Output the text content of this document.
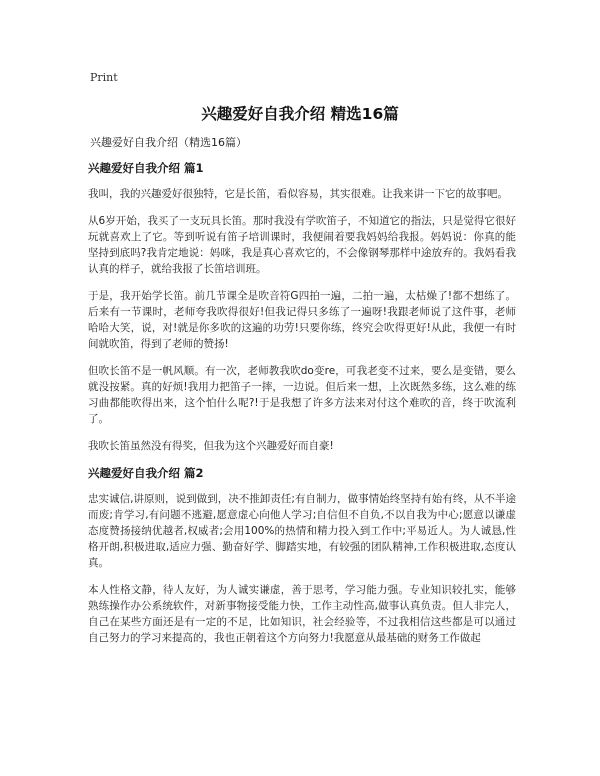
Print
兴趣爱好自我介绍 精选16篇
兴趣爱好自我介绍（精选16篇）
兴趣爱好自我介绍 篇1

我叫，我的兴趣爱好很独特，它是长笛，看似容易，其实很难。让我来讲一下它的故事吧。

从6岁开始，我买了一支玩具长笛。那时我没有学吹笛子，不知道它的指法，只是觉得它很好玩就喜欢上了它。等到听说有笛子培训课时，我便闹着要我妈妈给我报。妈妈说：你真的能坚持到底吗?我肯定地说：妈咪，我是真心喜欢它的，不会像钢琴那样中途放弃的。我妈看我认真的样子，就给我报了长笛培训班。

于是，我开始学长笛。前几节课全是吹音符G四拍一遍，二拍一遍，太枯燥了!都不想练了。后来有一节课时，老师夸我吹得很好!但我记得只多练了一遍呀!我跟老师说了这件事，老师哈哈大笑，说，对!就是你多吹的这遍的功劳!只要你练，终究会吹得更好!从此，我便一有时间就吹笛，得到了老师的赞扬!

但吹长笛不是一帆风顺。有一次，老师教我吹do变re，可我老变不过来，要么是变错，要么就没按紧。真的好烦!我用力把笛子一摔，一边说。但后来一想，上次既然多练，这么难的练习曲都能吹得出来，这个怕什么呢?!于是我想了许多方法来对付这个难吹的音，终于吹流利了。

我吹长笛虽然没有得奖，但我为这个兴趣爱好而自豪!

兴趣爱好自我介绍 篇2

忠实诚信,讲原则，说到做到，决不推卸责任;有自制力，做事情始终坚持有始有终，从不半途而废;肯学习,有问题不逃避,愿意虚心向他人学习;自信但不自负,不以自我为中心;愿意以谦虚态度赞扬接纳优越者,权威者;会用100%的热情和精力投入到工作中;平易近人。为人诚恳,性格开朗,积极进取,适应力强、勤奋好学、脚踏实地，有较强的团队精神,工作积极进取,态度认真。

本人性格文静，待人友好，为人诚实谦虚，善于思考，学习能力强。专业知识较扎实，能够熟练操作办公系统软件，对新事物接受能力快，工作主动性高,做事认真负责。但人非完人，自己在某些方面还是有一定的不足，比如知识，社会经验等，不过我相信这些都是可以通过自己努力的学习来提高的，我也正朝着这个方向努力!我愿意从最基础的财务工作做起
